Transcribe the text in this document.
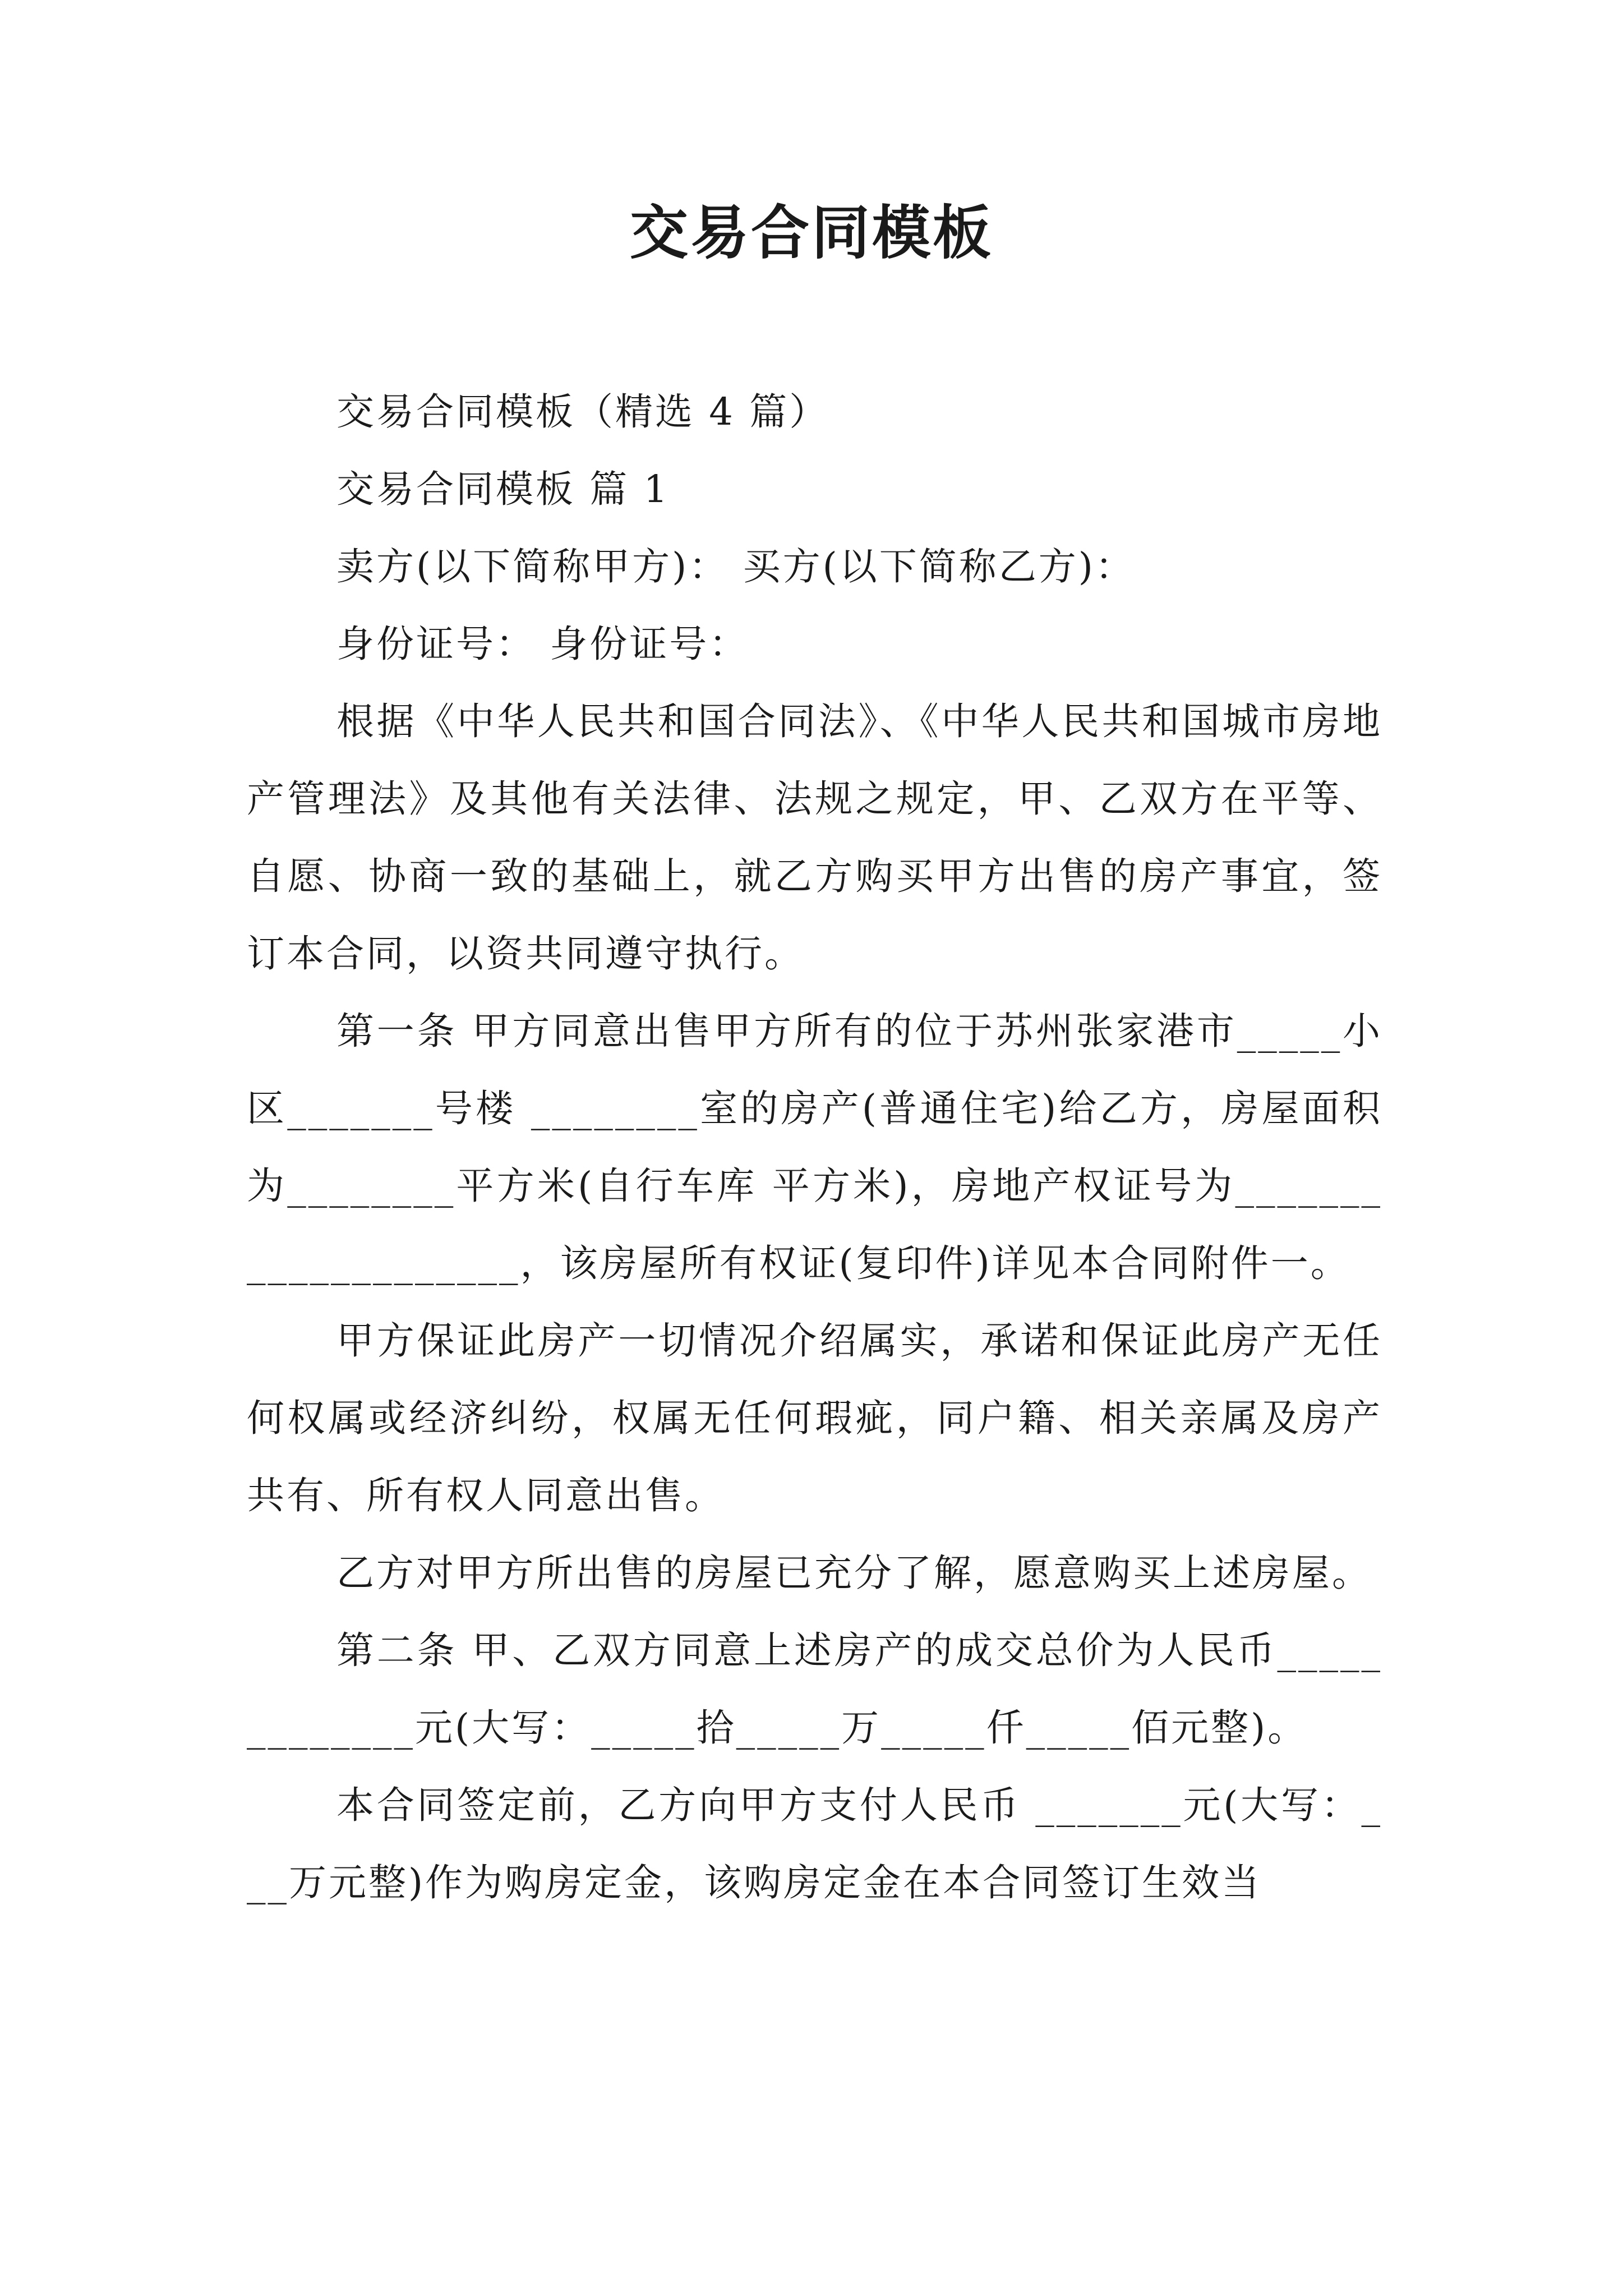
交易合同模板

交易合同模板（精选 4 篇）

交易合同模板 篇 1

卖方(以下简称甲方)： 买方(以下简称乙方)：

身份证号： 身份证号：

根据《中华人民共和国合同法》、《中华人民共和国城市房地产管理法》及其他有关法律、法规之规定，甲、乙双方在平等、自愿、协商一致的基础上，就乙方购买甲方出售的房产事宜，签订本合同，以资共同遵守执行。

第一条 甲方同意出售甲方所有的位于苏州张家港市_____小区_______号楼 ________室的房产(普通住宅)给乙方，房屋面积为________平方米(自行车库 平方米)，房地产权证号为____________________，该房屋所有权证(复印件)详见本合同附件一。

甲方保证此房产一切情况介绍属实，承诺和保证此房产无任何权属或经济纠纷，权属无任何瑕疵，同户籍、相关亲属及房产共有、所有权人同意出售。

乙方对甲方所出售的房屋已充分了解，愿意购买上述房屋。

第二条 甲、乙双方同意上述房产的成交总价为人民币_____ ________元(大写：_____拾_____万_____仟_____佰元整)。

本合同签定前，乙方向甲方支付人民币 _______元(大写：___万元整)作为购房定金，该购房定金在本合同签订生效当
